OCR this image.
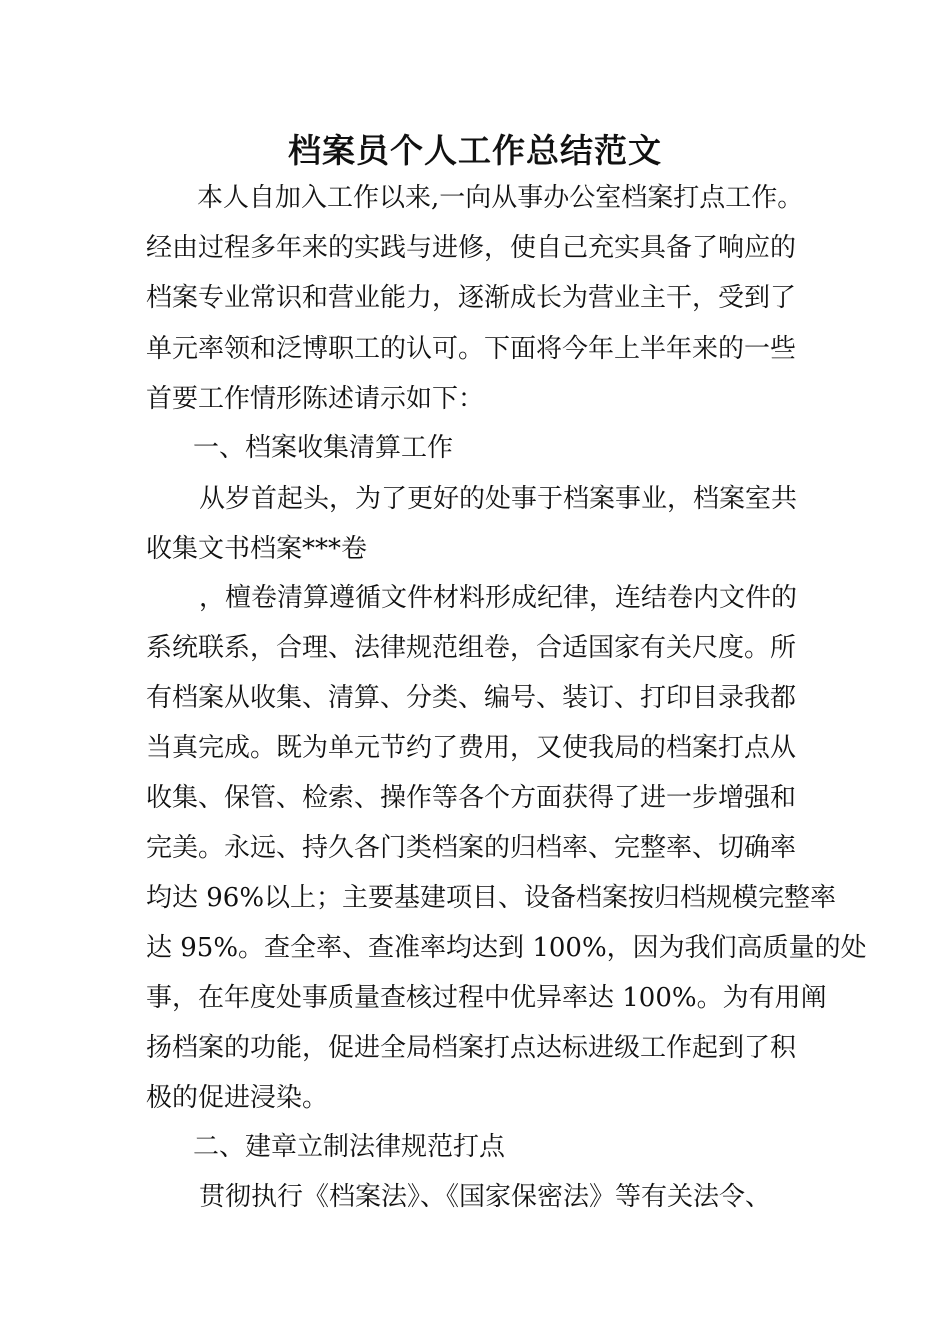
档案员个人工作总结范文
本人自加入工作以来,一向从事办公室档案打点工作。
经由过程多年来的实践与进修，使自己充实具备了响应的
档案专业常识和营业能力，逐渐成长为营业主干，受到了
单元率领和泛博职工的认可。下面将今年上半年来的一些
首要工作情形陈述请示如下：
一、档案收集清算工作
从岁首起头，为了更好的处事于档案事业，档案室共
收集文书档案***卷
，檀卷清算遵循文件材料形成纪律，连结卷内文件的
系统联系，合理、法律规范组卷，合适国家有关尺度。所
有档案从收集、清算、分类、编号、装订、打印目录我都
当真完成。既为单元节约了费用，又使我局的档案打点从
收集、保管、检索、操作等各个方面获得了进一步增强和
完美。永远、持久各门类档案的归档率、完整率、切确率
均达 96%以上；主要基建项目、设备档案按归档规模完整率
达 95%。查全率、查准率均达到 100%，因为我们高质量的处
事，在年度处事质量查核过程中优异率达 100%。为有用阐
扬档案的功能，促进全局档案打点达标进级工作起到了积
极的促进浸染。
二、建章立制法律规范打点
贯彻执行《档案法》、《国家保密法》等有关法令、
